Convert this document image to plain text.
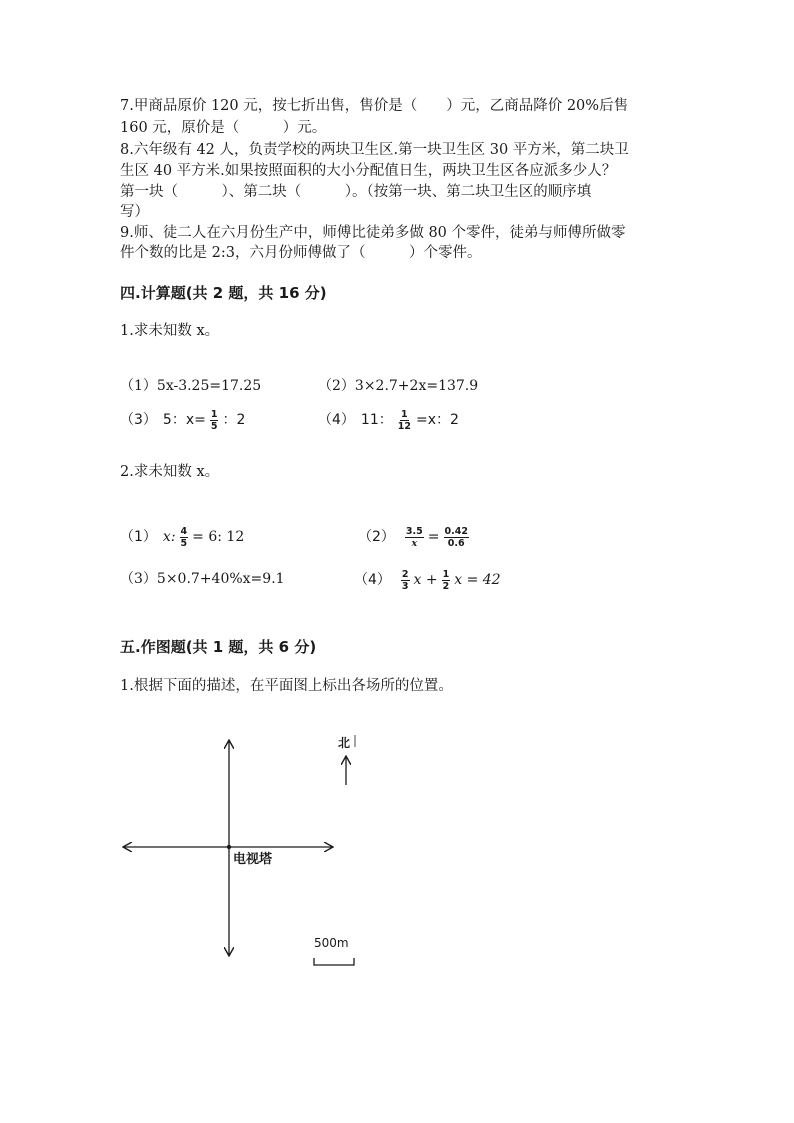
7.甲商品原价 120 元，按七折出售，售价是（　　）元，乙商品降价 20%后售
160 元，原价是（　　　）元。
8.六年级有 42 人，负责学校的两块卫生区.第一块卫生区 30 平方米，第二块卫
生区 40 平方米.如果按照面积的大小分配值日生，两块卫生区各应派多少人？
第一块（　　　）、第二块（　　　）。（按第一块、第二块卫生区的顺序填
写）
9.师、徒二人在六月份生产中，师傅比徒弟多做 80 个零件，徒弟与师傅所做零
件个数的比是 2:3，六月份师傅做了（　　　）个零件。
四.计算题(共 2 题，共 16 分)
1.求未知数 x。
（1）5x-3.25=17.25	（2）3×2.7+2x=137.9
（3） 5：$x= \frac{1}{5}$ ：2	（4） 11： $\frac{1}{12} =x$：2
2.求未知数 x。
（1） x: $\frac{4}{5} = 6$: 12	$(2) \frac{3.5}{x} = \frac{0.42}{0.6}$
（3）5×0.7+40%x=9.1	$(4) \frac{2}{3}$ $x + \frac{1}{2}$ x = 42
五.作图题(共 1 题，共 6 分)
1.根据下面的描述，在平面图上标出各场所的位置。
电视塔
北
500m
